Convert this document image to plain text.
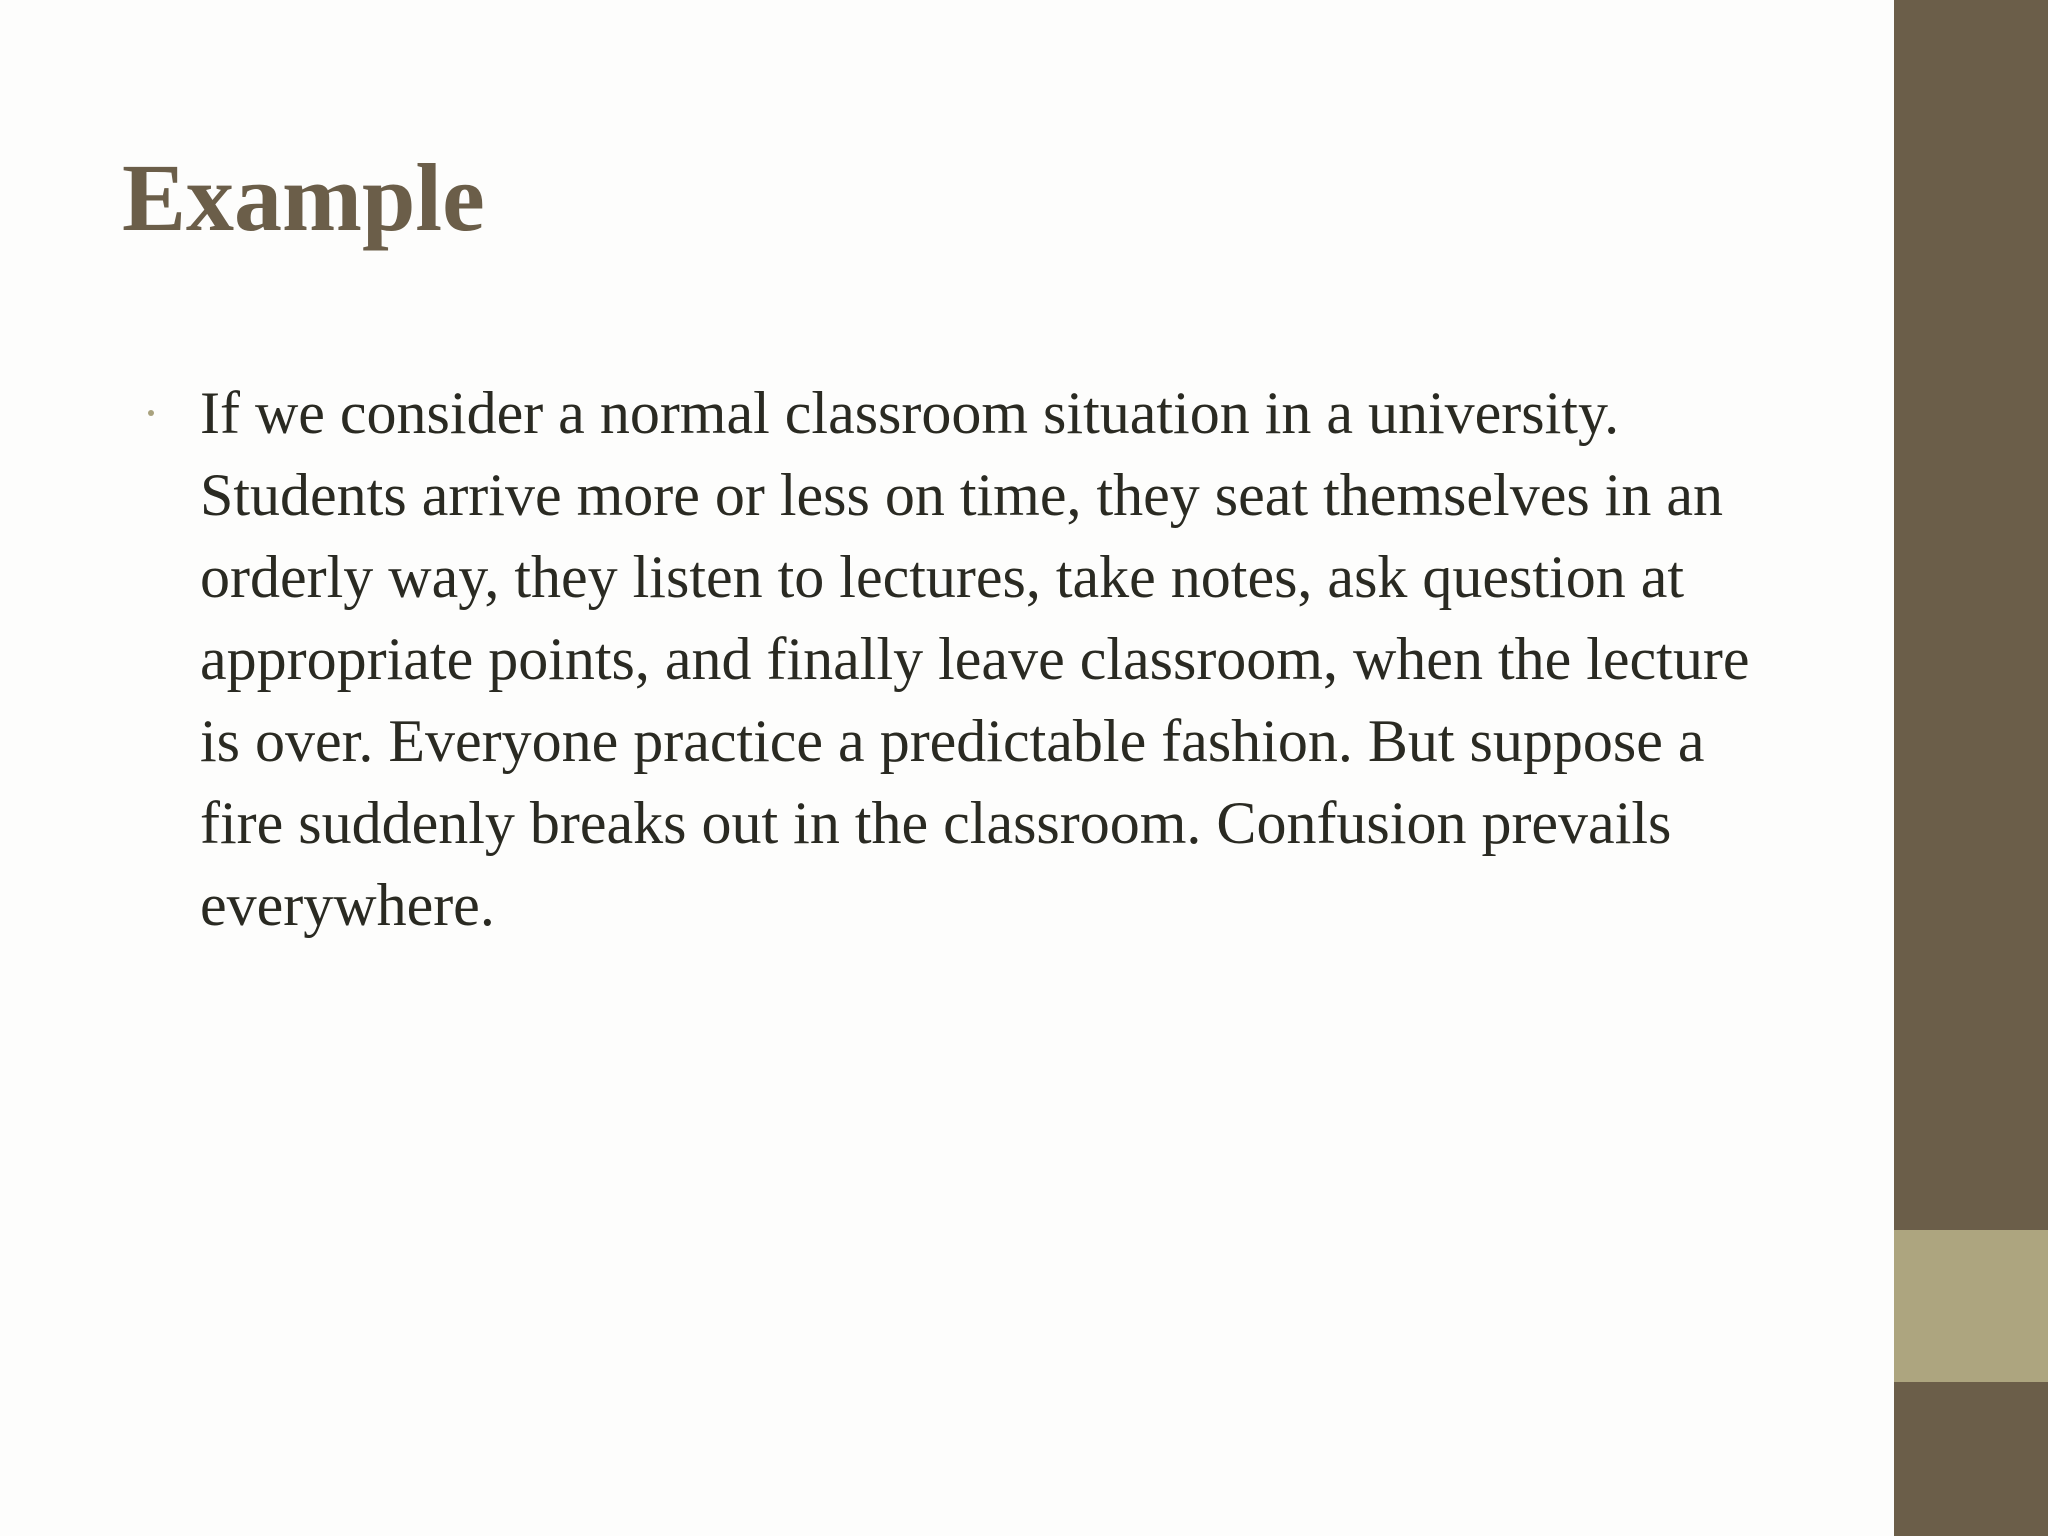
Example
If we consider a normal classroom situation in a university. Students arrive more or less on time, they seat themselves in an orderly way, they listen to lectures, take notes, ask question at appropriate points, and finally leave classroom, when the lecture is over. Everyone practice a predictable fashion. But suppose a fire suddenly breaks out in the classroom. Confusion prevails everywhere.
